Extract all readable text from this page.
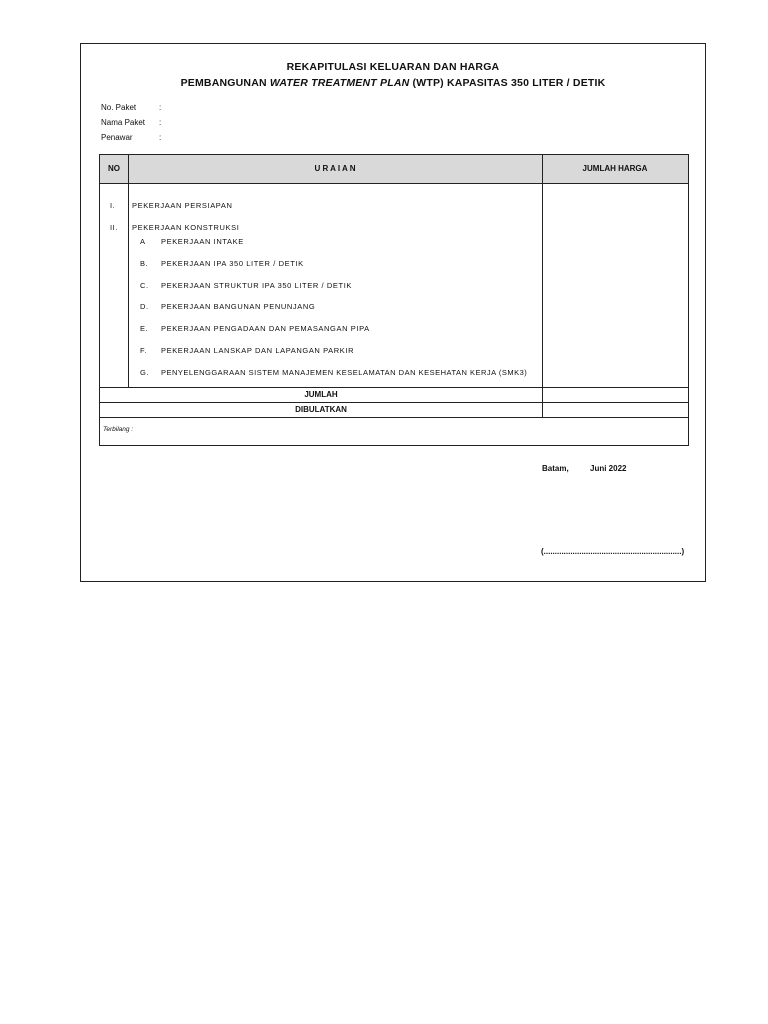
REKAPITULASI KELUARAN DAN HARGA
PEMBANGUNAN WATER TREATMENT PLAN (WTP) KAPASITAS 350 LITER / DETIK
No. Paket	:
Nama Paket :
Penawar	:
NO	U R A I A N	JUMLAH HARGA
I. PEKERJAAN PERSIAPAN
II. PEKERJAAN KONSTRUKSI
A PEKERJAAN INTAKE
B. PEKERJAAN IPA 350 LITER / DETIK
C. PEKERJAAN STRUKTUR IPA 350 LITER / DETIK
D. PEKERJAAN BANGUNAN PENUNJANG
E. PEKERJAAN PENGADAAN DAN PEMASANGAN PIPA
F. PEKERJAAN LANSKAP DAN LAPANGAN PARKIR
G. PENYELENGGARAAN SISTEM MANAJEMEN KESELAMATAN DAN KESEHATAN KERJA (SMK3)
JUMLAH
DIBULATKAN
Terbilang :
Batam,	Juni 2022
(..............................................................)
